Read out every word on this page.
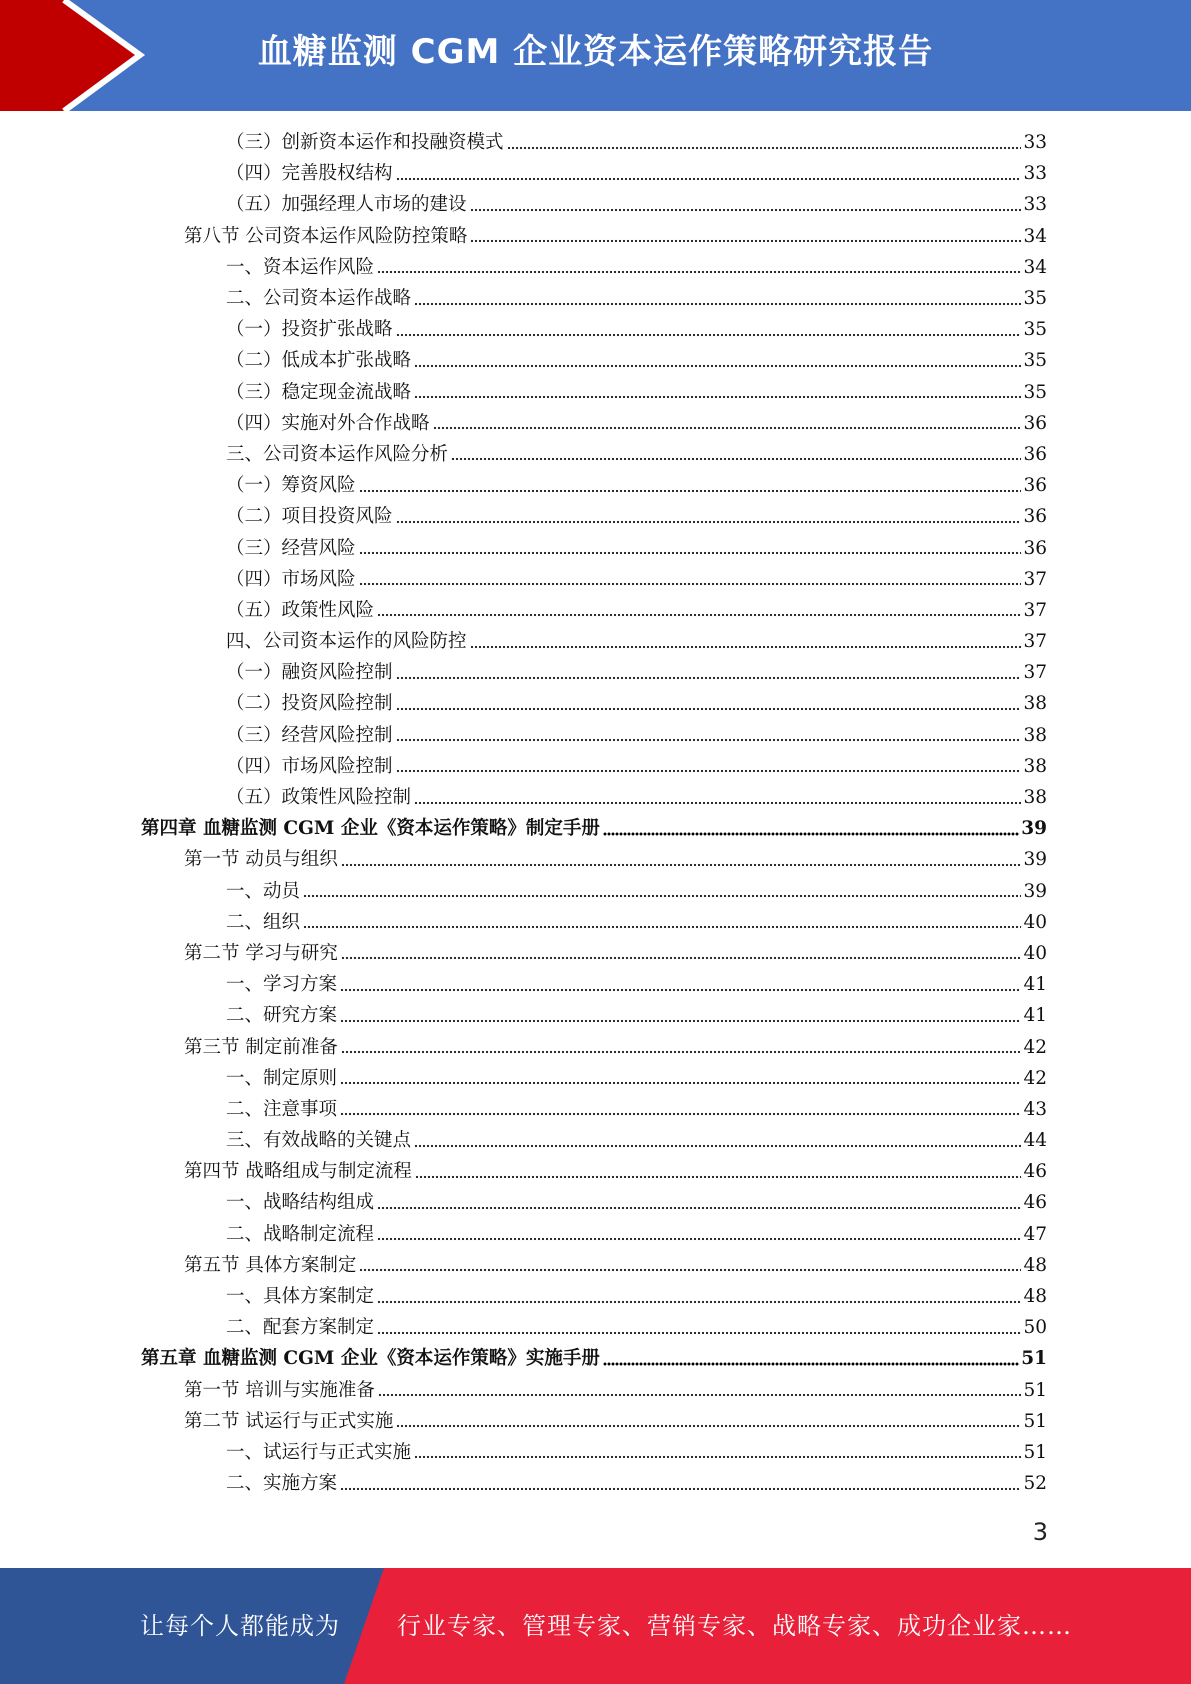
血糖监测 CGM 企业资本运作策略研究报告
（三）创新资本运作和投融资模式	33
（四）完善股权结构	33
（五）加强经理人市场的建设	33
第八节 公司资本运作风险防控策略	34
一、资本运作风险	34
二、公司资本运作战略	35
（一）投资扩张战略	35
（二）低成本扩张战略	35
（三）稳定现金流战略	35
（四）实施对外合作战略	36
三、公司资本运作风险分析	36
（一）筹资风险	36
（二）项目投资风险	36
（三）经营风险	36
（四）市场风险	37
（五）政策性风险	37
四、公司资本运作的风险防控	37
（一）融资风险控制	37
（二）投资风险控制	38
（三）经营风险控制	38
（四）市场风险控制	38
（五）政策性风险控制	38
第四章 血糖监测 CGM 企业《资本运作策略》制定手册	39
第一节 动员与组织	39
一、动员	39
二、组织	40
第二节 学习与研究	40
一、学习方案	41
二、研究方案	41
第三节 制定前准备	42
一、制定原则	42
二、注意事项	43
三、有效战略的关键点	44
第四节 战略组成与制定流程	46
一、战略结构组成	46
二、战略制定流程	47
第五节 具体方案制定	48
一、具体方案制定	48
二、配套方案制定	50
第五章 血糖监测 CGM 企业《资本运作策略》实施手册	51
第一节 培训与实施准备	51
第二节 试运行与正式实施	51
一、试运行与正式实施	51
二、实施方案	52
3
让每个人都能成为 行业专家、管理专家、营销专家、战略专家、成功企业家……
